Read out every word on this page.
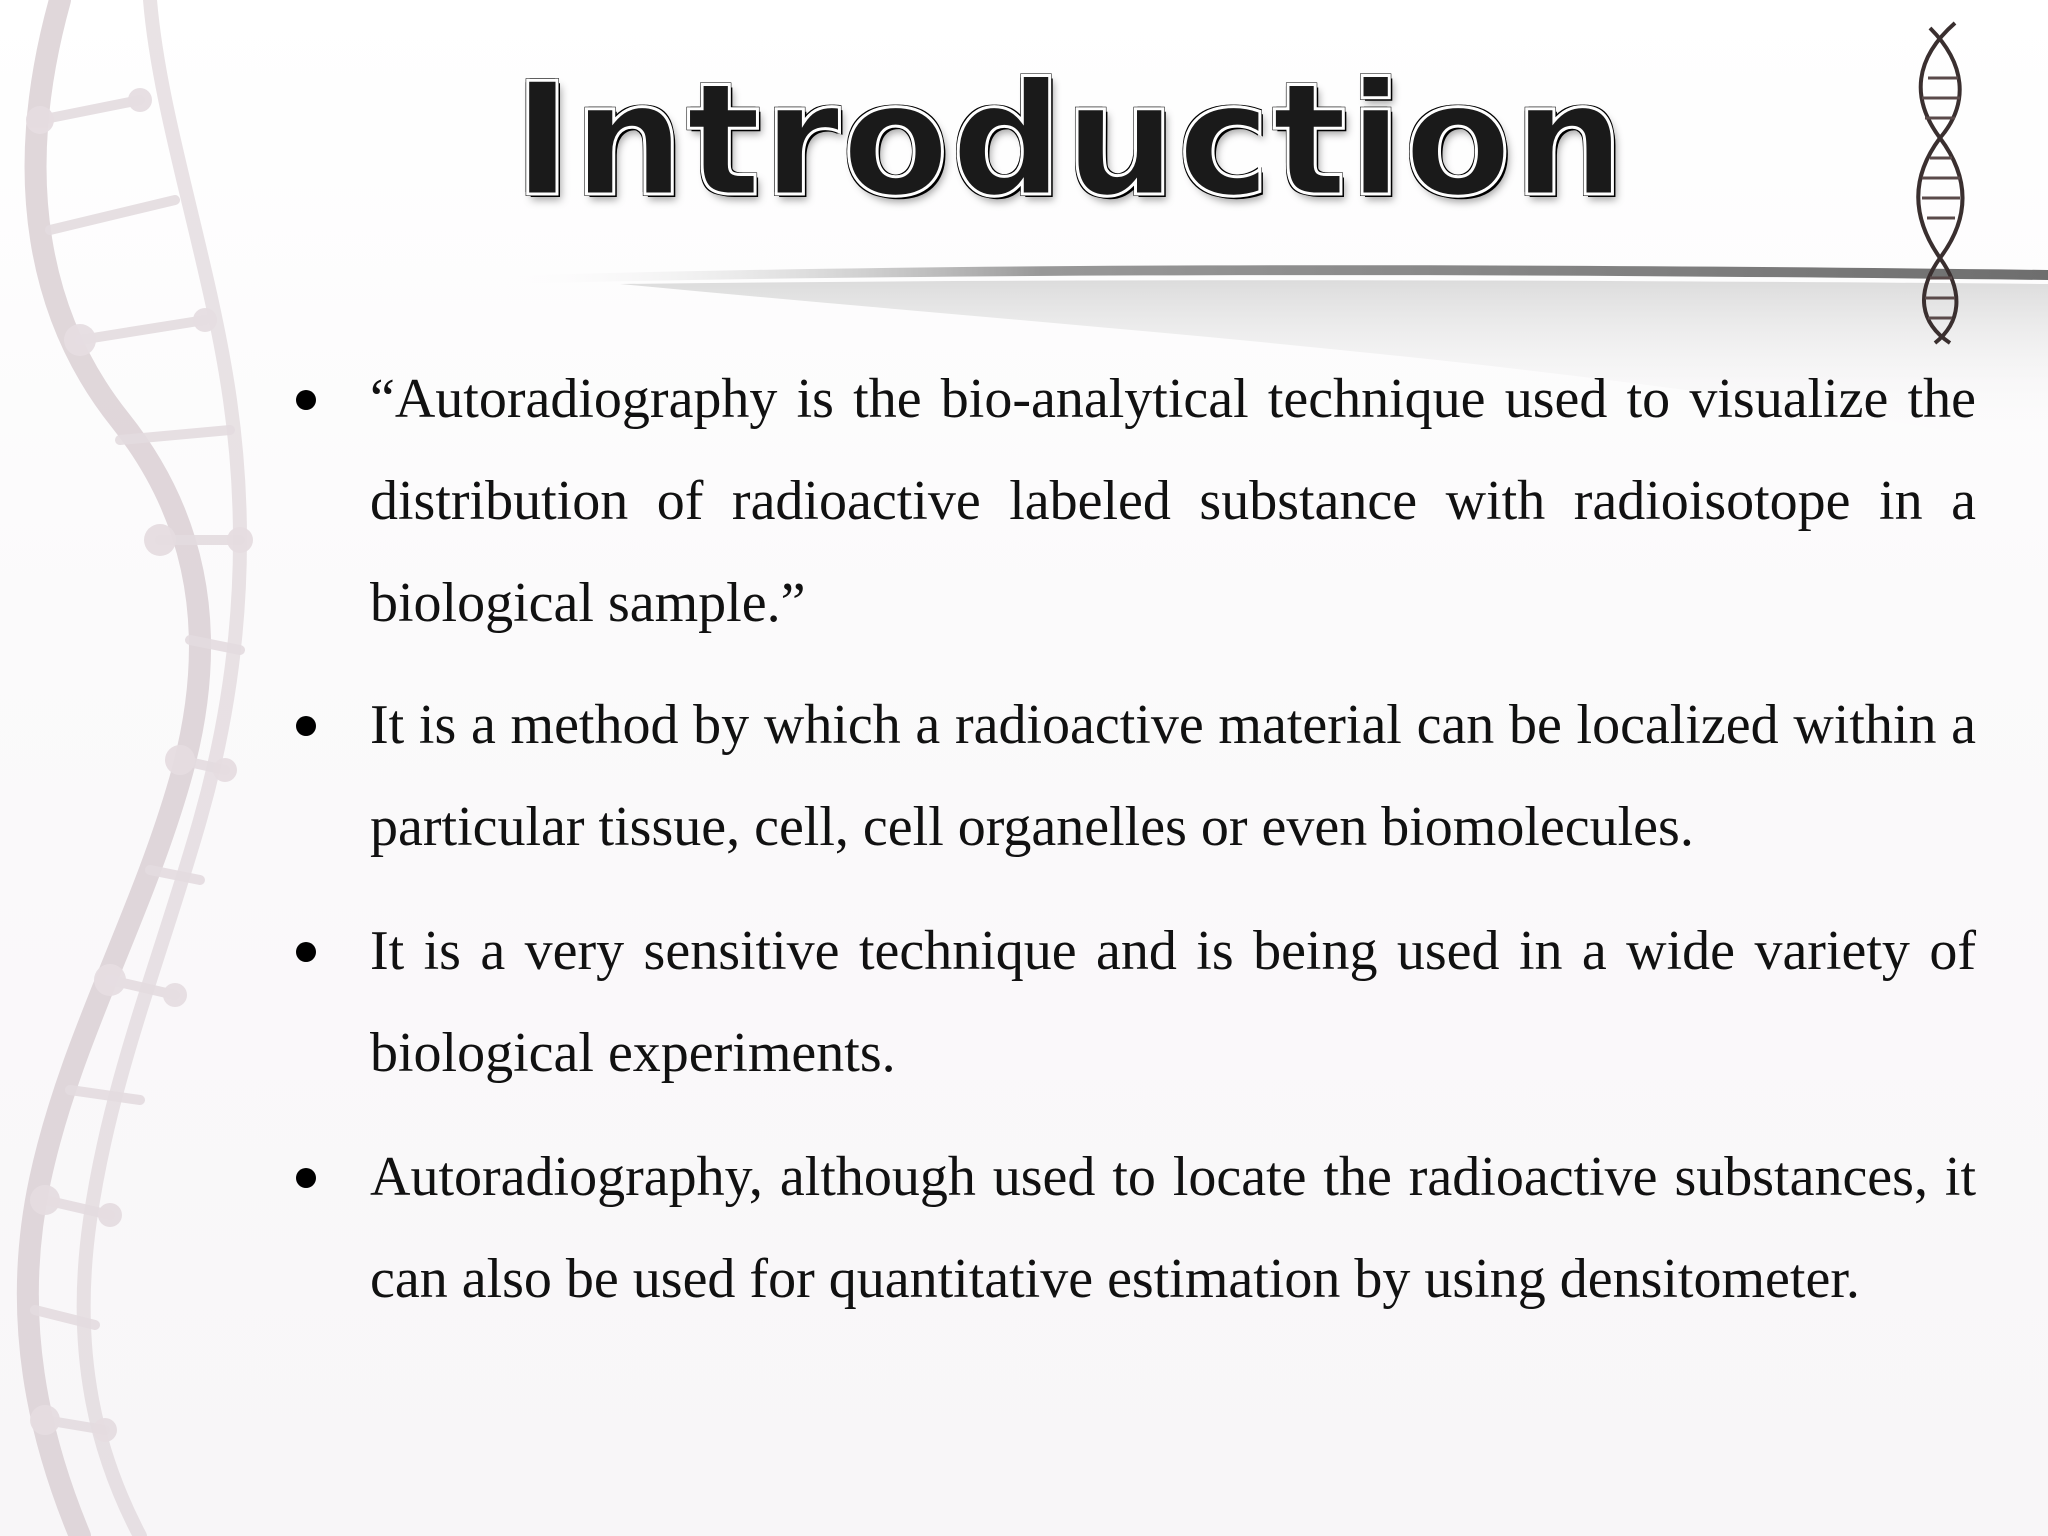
Introduction
“Autoradiography is the bio-analytical technique used to visualize the distribution of radioactive labeled substance with radioisotope in a biological sample.”
It is a method by which a radioactive material can be localized within a particular tissue, cell, cell organelles or even biomolecules.
It is a very sensitive technique and is being used in a wide variety of biological experiments.
Autoradiography, although used to locate the radioactive substances, it can also be used for quantitative estimation by using densitometer.
